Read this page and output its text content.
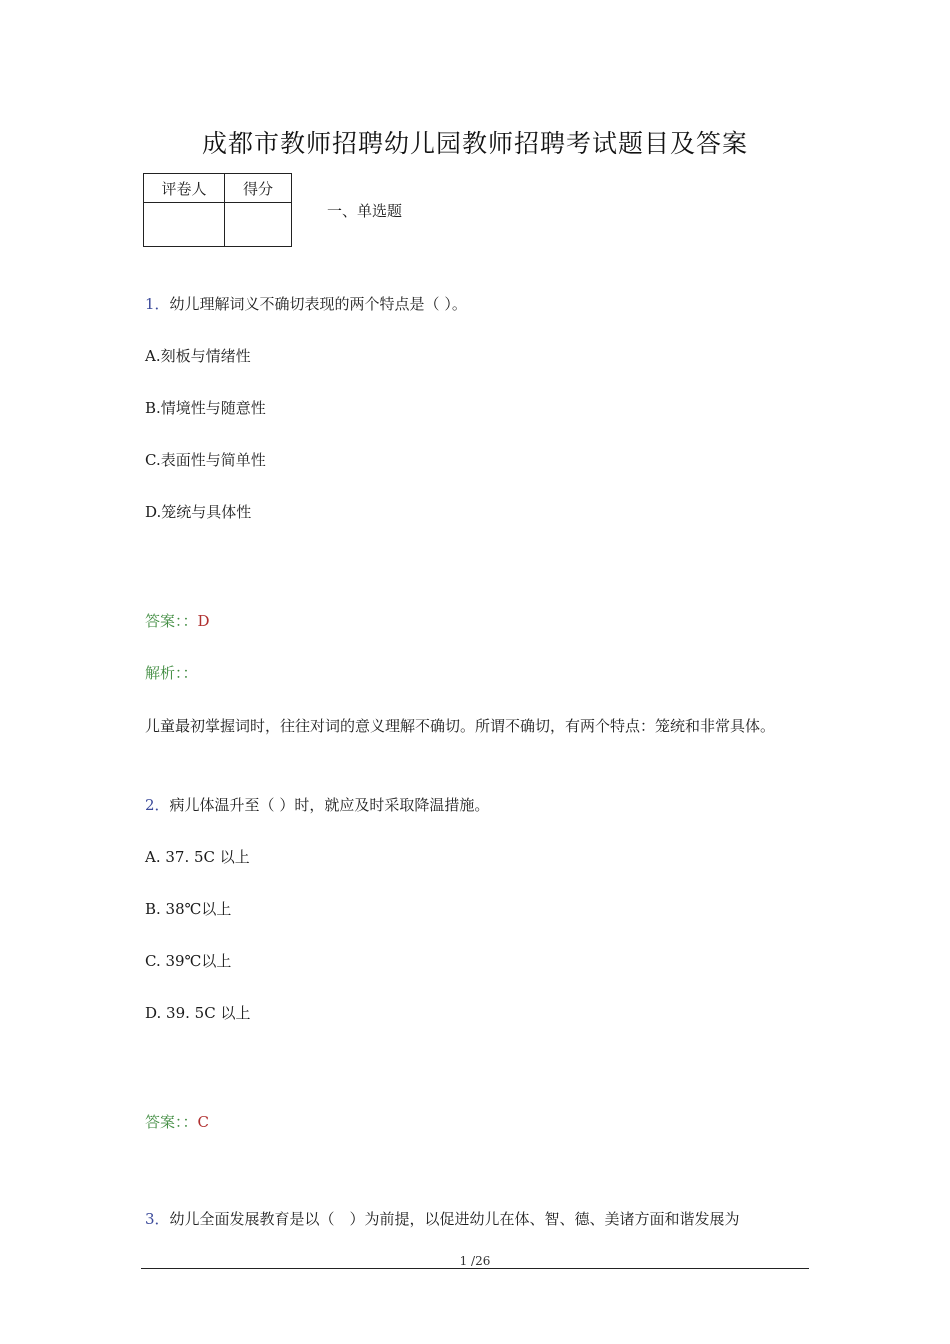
成都市教师招聘幼儿园教师招聘考试题目及答案
评卷人	得分

一、单选题
1．幼儿理解词义不确切表现的两个特点是（ ）。
A.刻板与情绪性
B.情境性与随意性
C.表面性与简单性
D.笼统与具体性
答案：：D
解析：：
儿童最初掌握词时，往往对词的意义理解不确切。所谓不确切，有两个特点：笼统和非常具体。
2．病儿体温升至（ ）时，就应及时采取降温措施。
A. 37. 5C 以上
B. 38℃以上
C. 39℃以上
D. 39. 5C 以上
答案：：C
3．幼儿全面发展教育是以（　）为前提，以促进幼儿在体、智、德、美诸方面和谐发展为
1 /26
